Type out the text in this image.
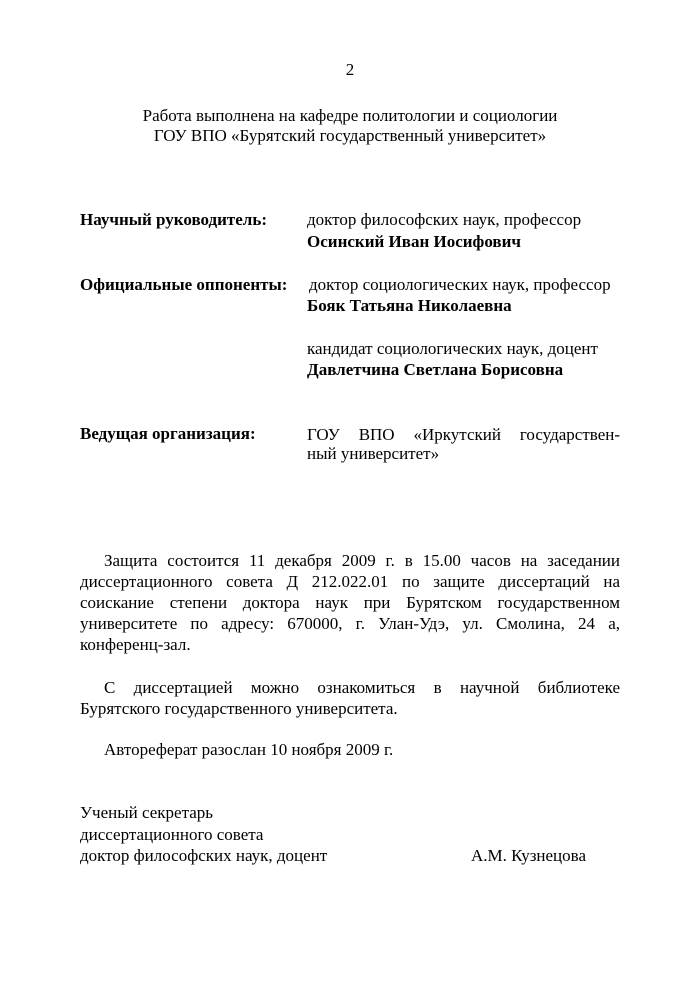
2
Работа выполнена на кафедре политологии и социологии
ГОУ ВПО «Бурятский государственный университет»
Научный руководитель: доктор философских наук, профессор
Осинский Иван Иосифович
Официальные оппоненты: доктор социологических наук, профессор
Бояк Татьяна Николаевна
кандидат социологических наук, доцент
Давлетчина Светлана Борисовна
Ведущая организация:	ГОУ ВПО «Иркутский государствен-
ный университет»
Защита состоится 11 декабря 2009 г. в 15.00 часов на заседании
диссертационного совета Д 212.022.01 по защите диссертаций на
соискание степени доктора наук при Бурятском государственном
университете по адресу: 670000, г. Улан-Удэ, ул. Смолина, 24 а,
конференц-зал.
С диссертацией можно ознакомиться в научной библиотеке
Бурятского государственного университета.
Автореферат разослан 10 ноября 2009 г.
Ученый секретарь
диссертационного совета
доктор философских наук, доцент	А.М. Кузнецова
